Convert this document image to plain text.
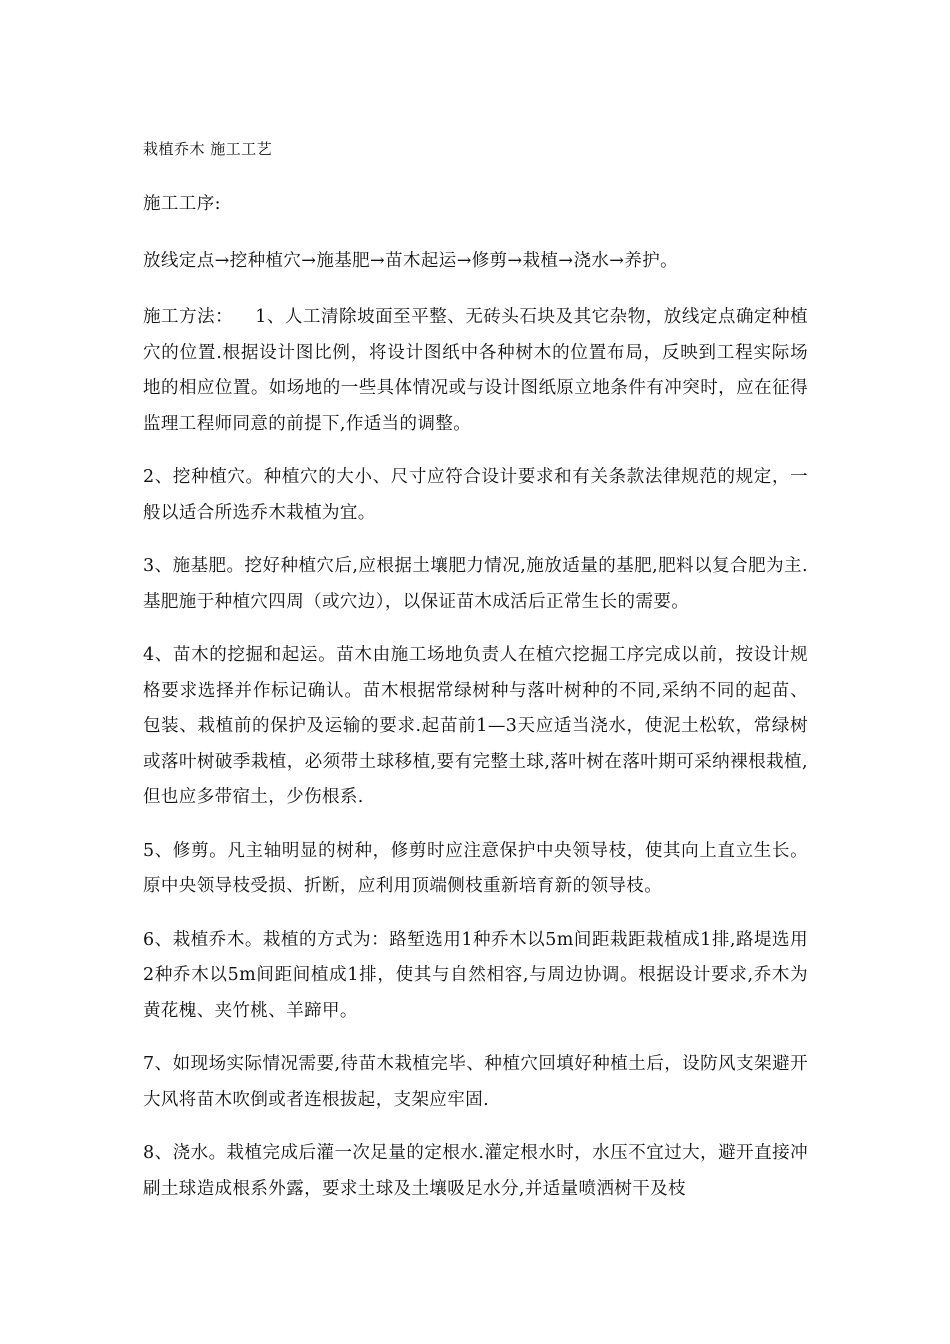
栽植乔木 施工工艺

施工工序:

放线定点→挖种植穴→施基肥→苗木起运→修剪→栽植→浇水→养护。

施工方法： 1、人工清除坡面至平整、无砖头石块及其它杂物，放线定点确定种植穴的位置.根据设计图比例，将设计图纸中各种树木的位置布局，反映到工程实际场地的相应位置。如场地的一些具体情况或与设计图纸原立地条件有冲突时，应在征得监理工程师同意的前提下,作适当的调整。

2、挖种植穴。种植穴的大小、尺寸应符合设计要求和有关条款法律规范的规定，一般以适合所选乔木栽植为宜。

3、施基肥。挖好种植穴后,应根据土壤肥力情况,施放适量的基肥,肥料以复合肥为主.基肥施于种植穴四周（或穴边），以保证苗木成活后正常生长的需要。

4、苗木的挖掘和起运。苗木由施工场地负责人在植穴挖掘工序完成以前，按设计规格要求选择并作标记确认。苗木根据常绿树种与落叶树种的不同,采纳不同的起苗、包装、栽植前的保护及运输的要求.起苗前1—3天应适当浇水，使泥土松软，常绿树或落叶树破季栽植，必须带土球移植,要有完整土球,落叶树在落叶期可采纳裸根栽植,但也应多带宿土，少伤根系.

5、修剪。凡主轴明显的树种，修剪时应注意保护中央领导枝，使其向上直立生长。原中央领导枝受损、折断，应利用顶端侧枝重新培育新的领导枝。

6、栽植乔木。栽植的方式为：路堑选用1种乔木以5m间距栽距栽植成1排,路堤选用2种乔木以5m间距间植成1排，使其与自然相容,与周边协调。根据设计要求,乔木为黄花槐、夹竹桃、羊蹄甲。

7、如现场实际情况需要,待苗木栽植完毕、种植穴回填好种植土后，设防风支架避开大风将苗木吹倒或者连根拔起，支架应牢固.

8、浇水。栽植完成后灌一次足量的定根水.灌定根水时，水压不宜过大，避开直接冲刷土球造成根系外露，要求土球及土壤吸足水分,并适量喷洒树干及枝
